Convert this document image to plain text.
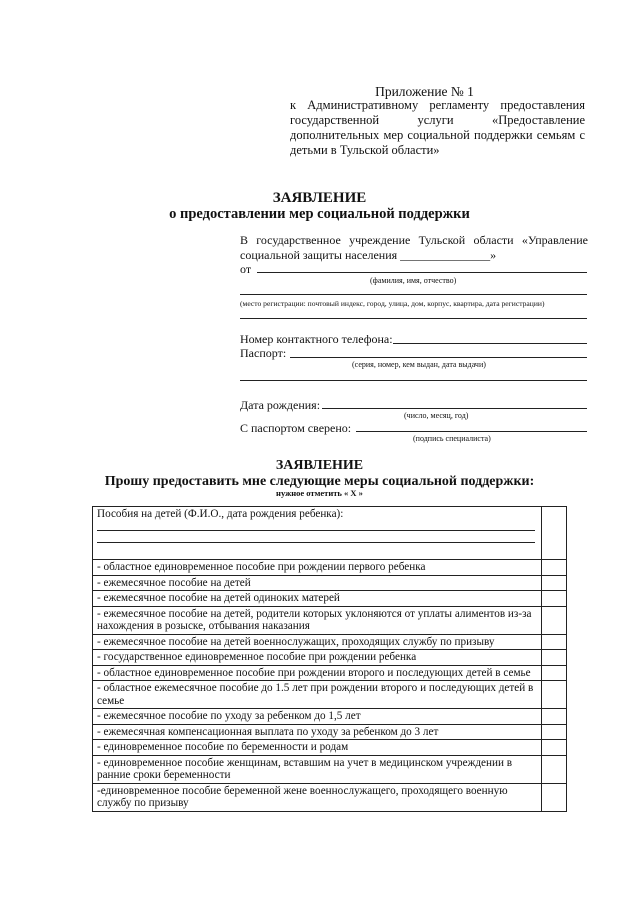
Приложение № 1
к Административному регламенту предоставления государственной услуги «Предоставление дополнительных мер социальной поддержки семьям с детьми в Тульской области»
ЗАЯВЛЕНИЕ
о предоставлении мер социальной поддержки
В государственное учреждение Тульской области «Управление социальной защиты населения _______________»
от
(фамилия, имя, отчество)
(место регистрации: почтовый индекс, город, улица, дом, корпус, квартира, дата регистрации)
Номер контактного телефона:
Паспорт:
(серия, номер, кем выдан, дата выдачи)
Дата рождения:
(число, месяц, год)
С паспортом сверено:
(подпись специалиста)
ЗАЯВЛЕНИЕ
Прошу предоставить мне следующие меры социальной поддержки:
нужное отметить « X »
Пособия на детей (Ф.И.О., дата рождения ребенка):	

- областное единовременное пособие при рождении первого ребенка	
- ежемесячное пособие на детей	
- ежемесячное пособие на детей одиноких матерей	
- ежемесячное пособие на детей, родители которых уклоняются от уплаты алиментов из-за нахождения в розыске, отбывания наказания	
- ежемесячное пособие на детей военнослужащих, проходящих службу по призыву	
- государственное единовременное пособие при рождении ребенка	
- областное единовременное пособие при рождении второго и последующих детей в семье	
- областное ежемесячное пособие до 1.5 лет при рождении второго и последующих детей в семье	
- ежемесячное пособие по уходу за ребенком до 1,5 лет	
- ежемесячная компенсационная выплата по уходу за ребенком до 3 лет	
- единовременное пособие по беременности и родам	
- единовременное пособие женщинам, вставшим на учет в медицинском учреждении в ранние сроки беременности	
-единовременное пособие беременной жене военнослужащего, проходящего военную службу по призыву	
